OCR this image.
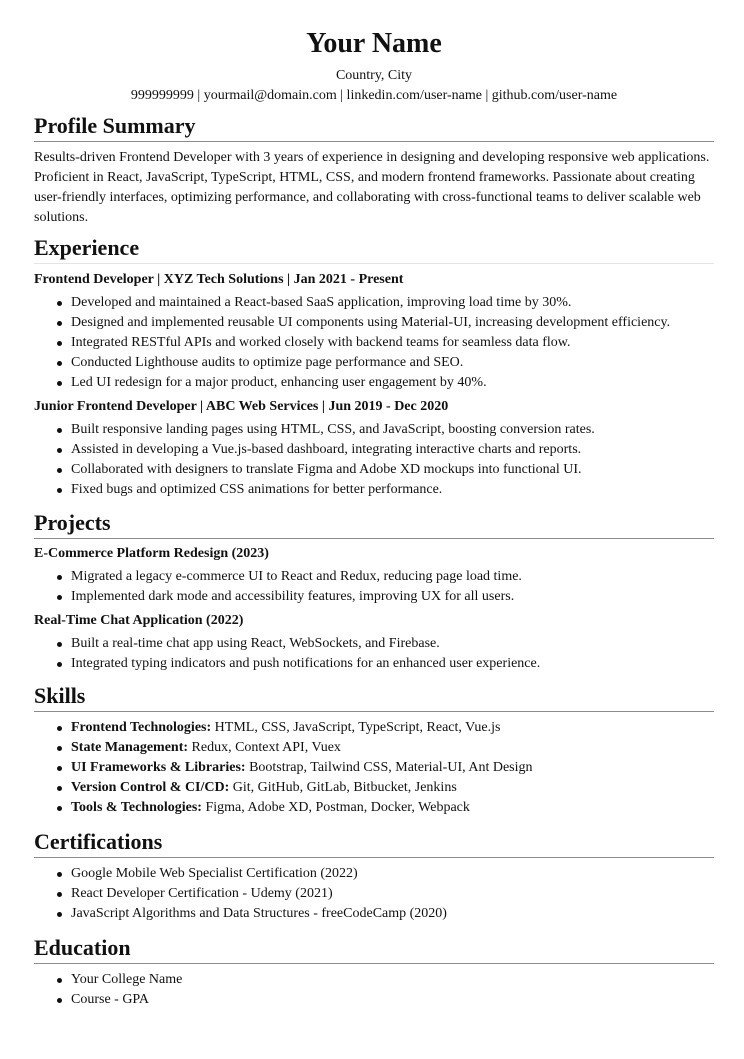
Your Name
Country, City
999999999 | yourmail@domain.com | linkedin.com/user-name | github.com/user-name
Profile Summary

Results-driven Frontend Developer with 3 years of experience in designing and developing responsive web applications. Proficient in React, JavaScript, TypeScript, HTML, CSS, and modern frontend frameworks. Passionate about creating user-friendly interfaces, optimizing performance, and collaborating with cross-functional teams to deliver scalable web solutions.

Experience
Frontend Developer | XYZ Tech Solutions | Jan 2021 - Present
Developed and maintained a React-based SaaS application, improving load time by 30%.
Designed and implemented reusable UI components using Material-UI, increasing development efficiency.
Integrated RESTful APIs and worked closely with backend teams for seamless data flow.
Conducted Lighthouse audits to optimize page performance and SEO.
Led UI redesign for a major product, enhancing user engagement by 40%.
Junior Frontend Developer | ABC Web Services | Jun 2019 - Dec 2020
Built responsive landing pages using HTML, CSS, and JavaScript, boosting conversion rates.
Assisted in developing a Vue.js-based dashboard, integrating interactive charts and reports.
Collaborated with designers to translate Figma and Adobe XD mockups into functional UI.
Fixed bugs and optimized CSS animations for better performance.
Projects
E-Commerce Platform Redesign (2023)
Migrated a legacy e-commerce UI to React and Redux, reducing page load time.
Implemented dark mode and accessibility features, improving UX for all users.
Real-Time Chat Application (2022)
Built a real-time chat app using React, WebSockets, and Firebase.
Integrated typing indicators and push notifications for an enhanced user experience.
Skills
Frontend Technologies: HTML, CSS, JavaScript, TypeScript, React, Vue.js
State Management: Redux, Context API, Vuex
UI Frameworks & Libraries: Bootstrap, Tailwind CSS, Material-UI, Ant Design
Version Control & CI/CD: Git, GitHub, GitLab, Bitbucket, Jenkins
Tools & Technologies: Figma, Adobe XD, Postman, Docker, Webpack
Certifications
Google Mobile Web Specialist Certification (2022)
React Developer Certification - Udemy (2021)
JavaScript Algorithms and Data Structures - freeCodeCamp (2020)
Education
Your College Name
Course - GPA
